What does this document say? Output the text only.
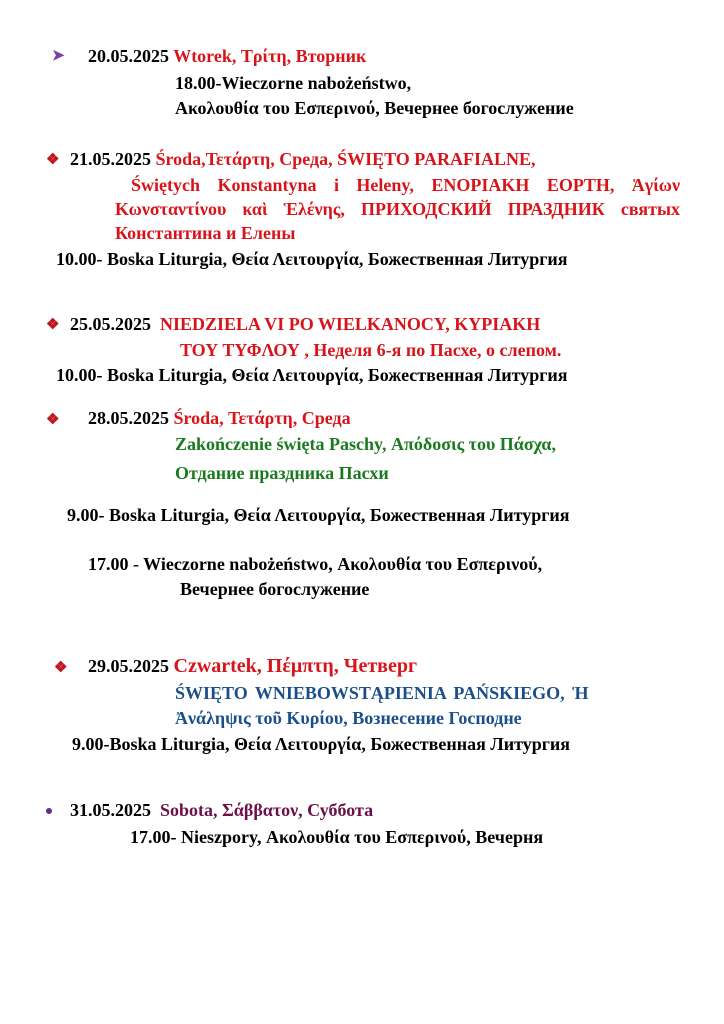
➤ 20.05.2025 Wtorek, Τρίτη, Вторник
18.00-Wieczorne nabożeństwo,
Ακολουθία του Εσπερινού, Вечернее богослужение
❖ 21.05.2025 Środa,Τετάρτη, Среда, ŚWIĘTO PARAFIALNE,
Świętych Konstantyna i Heleny, ΕΝΟΡΙΑΚΗ ΕΟΡΤΗ, Ἁγίων Κωνσταντίνου καὶ Ἑλένης, ПРИХОДСКИЙ ПРАЗДНИК святых Константина и Елены
10.00- Boska Liturgia, Θεία Λειτουργία, Божественная Литургия
❖ 25.05.2025 NIEDZIELA VI PO WIELKANOCY, ΚΥΡΙΑΚΗ
ΤΟΥ ΤΥΦΛΟΥ , Неделя 6-я по Пасхе, о слепом.
10.00- Boska Liturgia, Θεία Λειτουργία, Божественная Литургия
❖ 28.05.2025 Środa, Τετάρτη, Среда
Zakończenie święta Paschy, Απόδοσις του Πάσχα,
Отдание праздника Пасхи
9.00- Boska Liturgia, Θεία Λειτουργία, Божественная Литургия
17.00 - Wieczorne nabożeństwo, Ακολουθία του Εσπερινού,
Вечернее богослужение
❖ 29.05.2025 Czwartek, Πέμπτη, Четверг
ŚWIĘTO WNIEBOWSTĄPIENIA PAŃSKIEGO, Ἡ
Ἀνάληψις τοῦ Κυρίου, Вознесение Господне
9.00-Boska Liturgia, Θεία Λειτουργία, Божественная Литургия
31.05.2025 Sobota, Σάββατον, Суббота
17.00- Nieszpory, Ακολουθία του Εσπερινού, Вечерня
